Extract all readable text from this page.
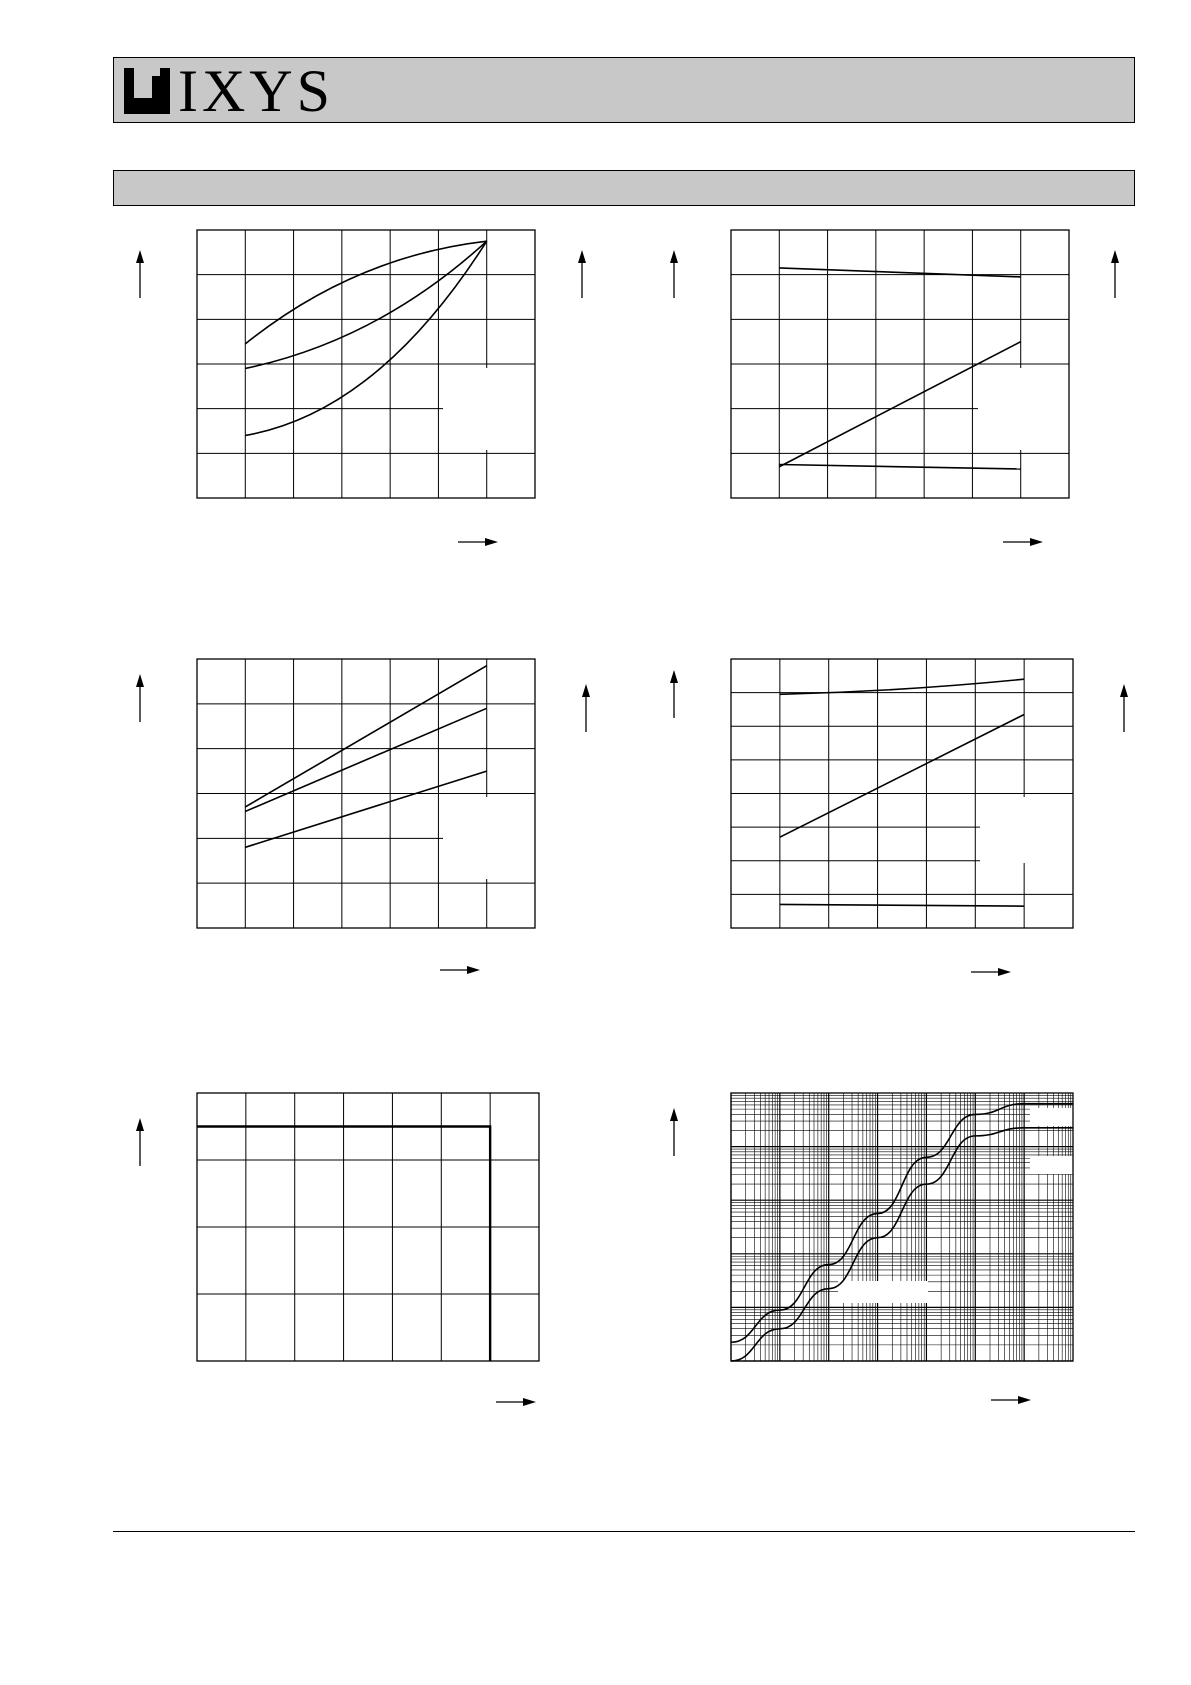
IXYS
